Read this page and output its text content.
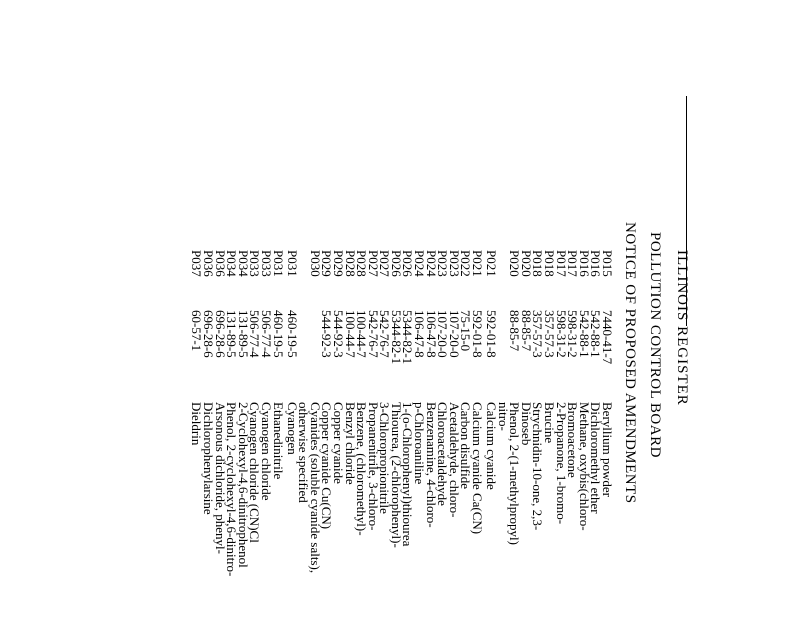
ILLINOIS REGISTER
POLLUTION CONTROL BOARD
NOTICE OF PROPOSED AMENDMENTS
P015
7440-41-7
Beryllium powder
P016
542-88-1
Dichloromethyl ether
P016
542-88-1
Methane, oxybis(chloro-
P017
598-31-2
Bromoacetone
P017
598-31-2
2-Propanone, 1-bromo-
P018
357-57-3
Brucine
P018
357-57-3
Strychnidin-10-one, 2,3-
P020
88-85-7
Dinoseb
P020
88-85-7
Phenol, 2-(1-methylpropyl)
nitro-
P021
592-01-8
Calcium cyanide
P021
592-01-8
Calcium cyanide Ca(CN)
P022
75-15-0
Carbon disulfide
P023
107-20-0
Acetaldehyde, chloro-
P023
107-20-0
Chloroacetaldehyde
P024
106-47-8
Benzenamine, 4-chloro-
P024
106-47-8
p-Chloroaniline
P026
5344-82-1
1-(o-Chlorophenyl)thiourea
P026
5344-82-1
Thiourea, (2-chlorophenyl)-
P027
542-76-7
3-Chloropropionitrile
P027
542-76-7
Propanenitrile, 3-chloro-
P028
100-44-7
Benzene, (chloromethyl)-
P028
100-44-7
Benzyl chloride
P029
544-92-3
Copper cyanide
P029
544-92-3
Copper cyanide Cu(CN)
P030
Cyanides (soluble cyanide salts),
otherwise specified
P031
460-19-5
Cyanogen
P031
460-19-5
Ethanedinitrile
P033
506-77-4
Cyanogen chloride
P033
506-77-4
Cyanogen chloride (CN)Cl
P034
131-89-5
2-Cyclohexyl-4,6-dinitrophenol
P034
131-89-5
Phenol, 2-cyclohexyl-4,6-dinitro-
P036
696-28-6
Arsonous dichloride, phenyl-
P036
696-28-6
Dichlorophenylarsine
P037
60-57-1
Dieldrin
